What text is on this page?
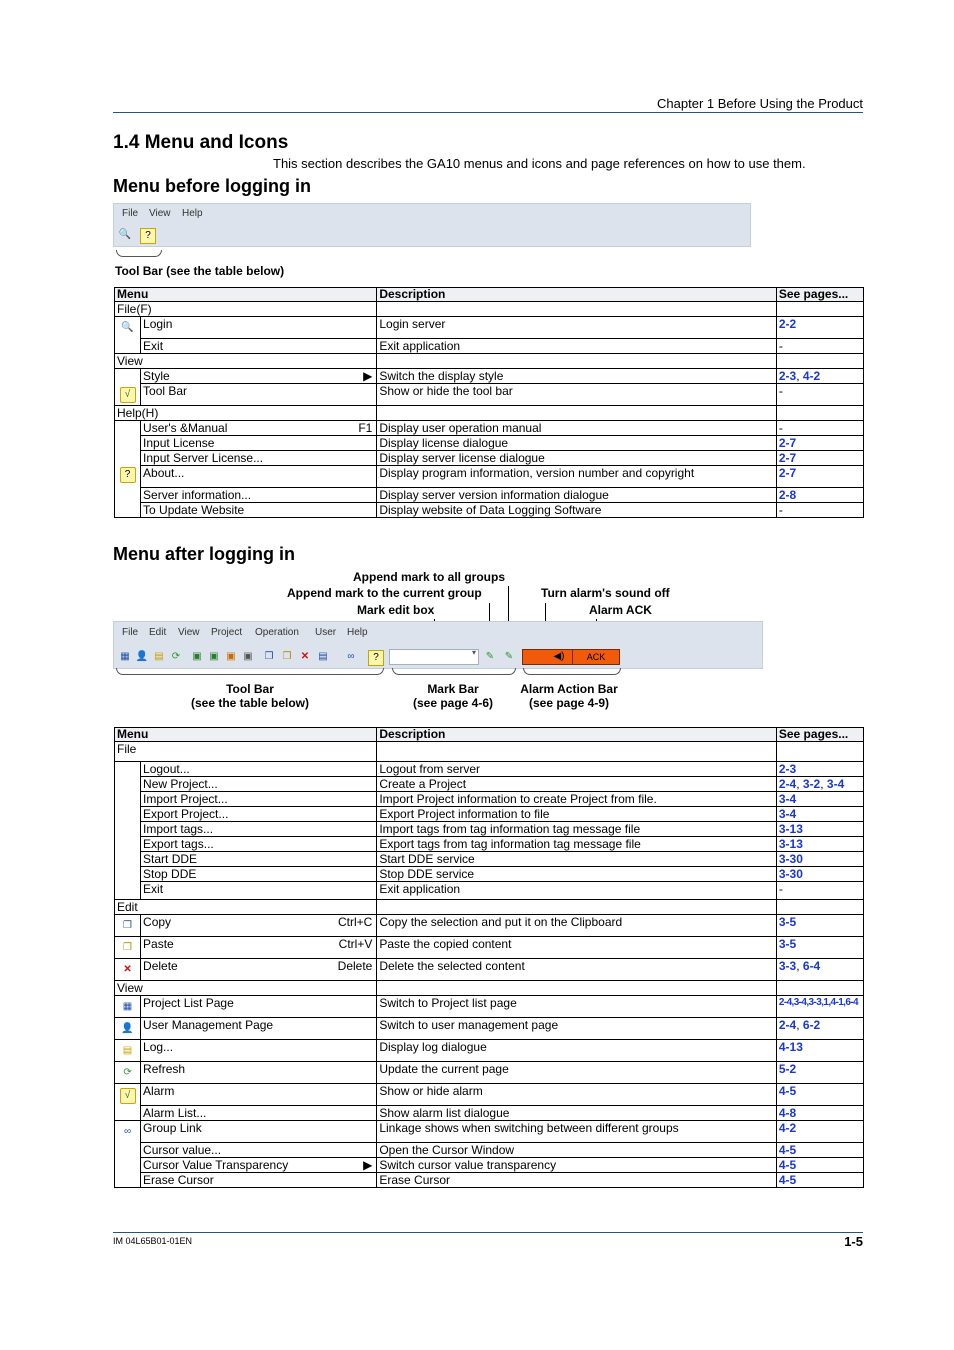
Chapter 1 Before Using the Product
1.4 Menu and Icons
This section describes the GA10 menus and icons and page references on how to use them.
Menu before logging in
File View Help
🔍	?
Tool Bar (see the table below)
Menu		Description	See pages...
File(F)			
🔍	Login	Login server	2-2
	Exit	Exit application	-
View			
√	Style ▶	Switch the display style	2-3, 4-2
	Tool Bar	Show or hide the tool bar	-
Help(H)			
?	User's &Manual F1	Display user operation manual	-
	Input License	Display license dialogue	2-7
	Input Server License...	Display server license dialogue	2-7
	About...	Display program information, version number and copyright	2-7
	Server information...	Display server version information dialogue	2-8
	To Update Website	Display website of Data Logging Software	-
Menu after logging in
Append mark to all groups
Append mark to the current group
Mark edit box
Turn alarm's sound off
Alarm ACK
File Edit View Project Operation User Help
▦ 👤 ▤ ⟳ ▣ ▣ ▣ ▣ ❐ ❐ ✕ ▤	∞	?	▾ ✎ ✎	◀)	ACK
Tool Bar
(see the table below)
Mark Bar
(see page 4-6)
Alarm Action Bar
(see page 4-9)
Menu		Description	See pages...
File			
	Logout...	Logout from server	2-3
	New Project...	Create a Project	2-4, 3-2, 3-4
	Import Project...	Import Project information to create Project from file.	3-4
	Export Project...	Export Project information to file	3-4
	Import tags...	Import tags from tag information tag message file	3-13
	Export tags...	Export tags from tag information tag message file	3-13
	Start DDE	Start DDE service	3-30
	Stop DDE	Stop DDE service	3-30
	Exit	Exit application	-
Edit			
❐	Copy Ctrl+C	Copy the selection and put it on the Clipboard	3-5
❐	Paste Ctrl+V	Paste the copied content	3-5
✕	Delete Delete	Delete the selected content	3-3, 6-4
View			
▦	Project List Page	Switch to Project list page	2-4,3-4,3-3,1,4-1,6-4
👤	User Management Page	Switch to user management page	2-4, 6-2
▤	Log...	Display log dialogue	4-13
⟳	Refresh	Update the current page	5-2
√	Alarm	Show or hide alarm	4-5
	Alarm List...	Show alarm list dialogue	4-8
∞	Group Link	Linkage shows when switching between different groups	4-2
	Cursor value...	Open the Cursor Window	4-5
	Cursor Value Transparency ▶	Switch cursor value transparency	4-5
	Erase Cursor	Erase Cursor	4-5
IM 04L65B01-01EN	1-5
